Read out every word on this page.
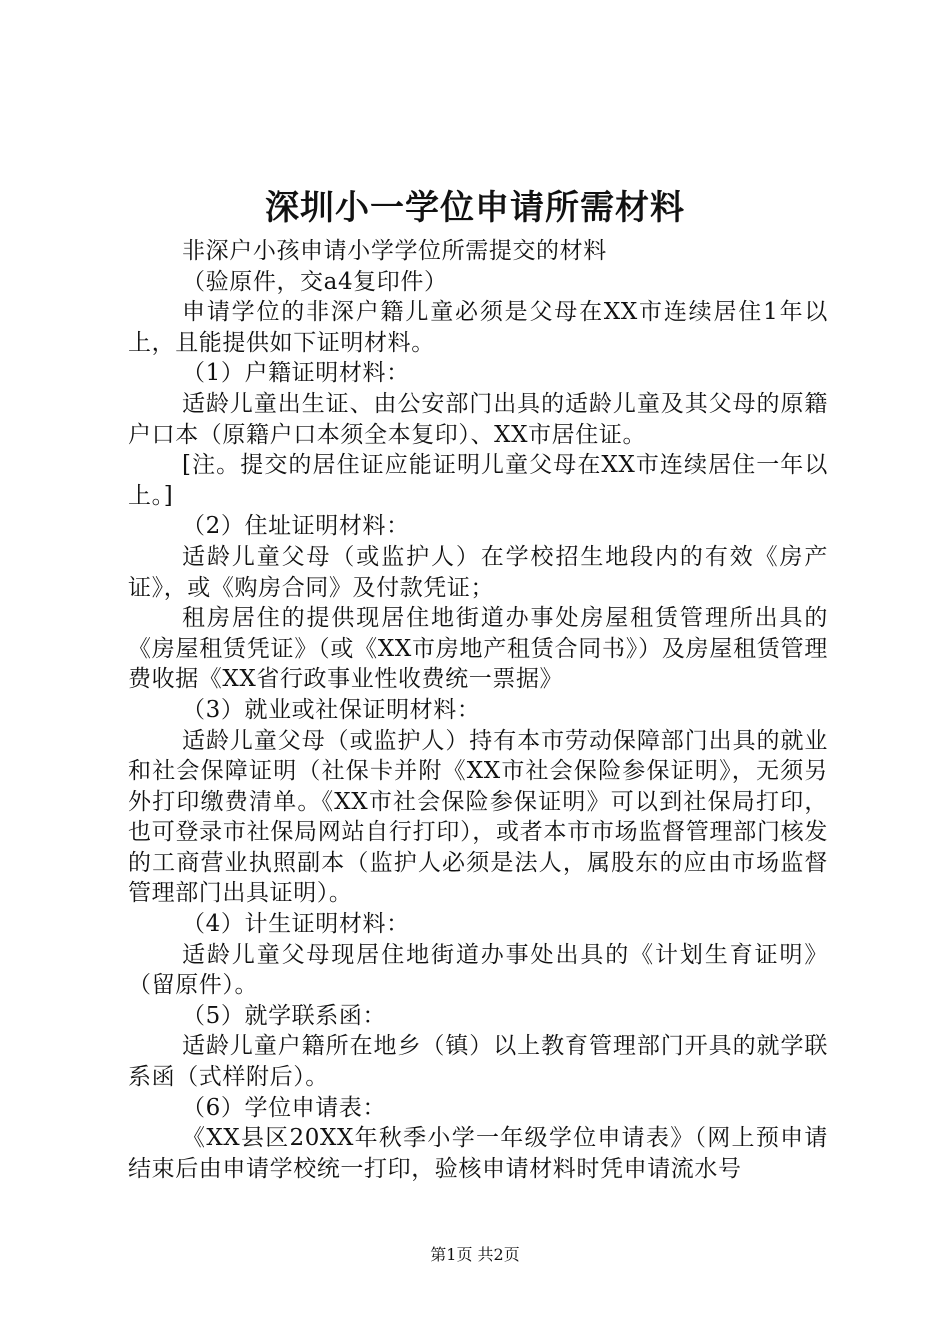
深圳小一学位申请所需材料

非深户小孩申请小学学位所需提交的材料

（验原件，交a4复印件）

申请学位的非深户籍儿童必须是父母在XX市连续居住1年以上，且能提供如下证明材料。

（1）户籍证明材料：

适龄儿童出生证、由公安部门出具的适龄儿童及其父母的原籍户口本（原籍户口本须全本复印）、XX市居住证。

[注。提交的居住证应能证明儿童父母在XX市连续居住一年以上。]

（2）住址证明材料：

适龄儿童父母（或监护人）在学校招生地段内的有效《房产证》，或《购房合同》及付款凭证；

租房居住的提供现居住地街道办事处房屋租赁管理所出具的《房屋租赁凭证》（或《XX市房地产租赁合同书》）及房屋租赁管理费收据《XX省行政事业性收费统一票据》

（3）就业或社保证明材料：

适龄儿童父母（或监护人）持有本市劳动保障部门出具的就业和社会保障证明（社保卡并附《XX市社会保险参保证明》，无须另外打印缴费清单。《XX市社会保险参保证明》可以到社保局打印，也可登录市社保局网站自行打印），或者本市市场监督管理部门核发的工商营业执照副本（监护人必须是法人，属股东的应由市场监督管理部门出具证明）。

（4）计生证明材料：

适龄儿童父母现居住地街道办事处出具的《计划生育证明》（留原件）。

（5）就学联系函：

适龄儿童户籍所在地乡（镇）以上教育管理部门开具的就学联系函（式样附后）。

（6）学位申请表：

《XX县区20XX年秋季小学一年级学位申请表》（网上预申请结束后由申请学校统一打印，验核申请材料时凭申请流水号

第1页 共2页
